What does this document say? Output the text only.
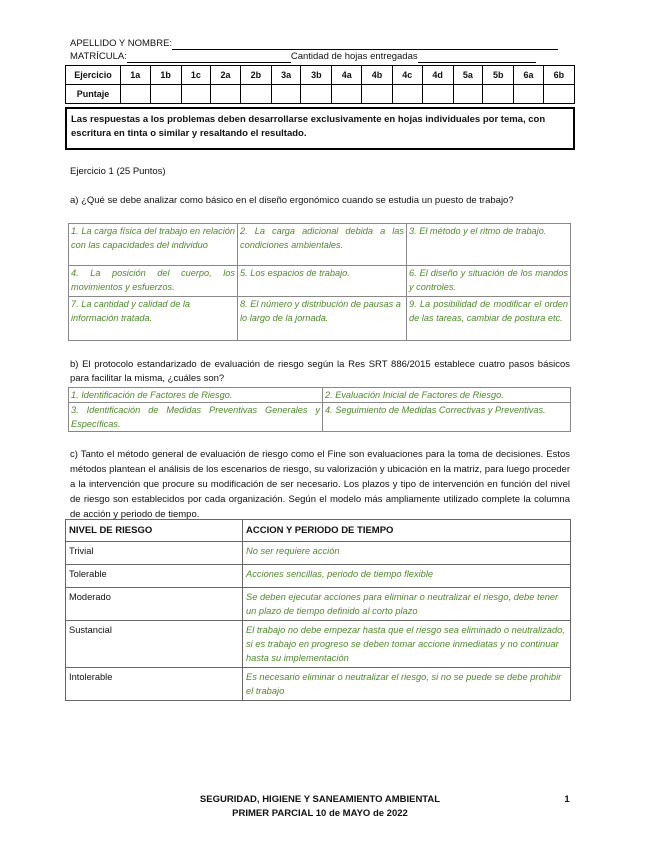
APELLIDO Y NOMBRE:
MATRÍCULA:	Cantidad de hojas entregadas
Ejercicio	1a	1b	1c	2a	2b	3a	3b	4a	4b	4c	4d	5a	5b	6a	6b
Puntaje															
Las respuestas a los problemas deben desarrollarse exclusivamente en hojas individuales por tema, con escritura en tinta o similar y resaltando el resultado.
Ejercicio 1 (25 Puntos)
a) ¿Qué se debe analizar como básico en el diseño ergonómico cuando se estudia un puesto de trabajo?
1. La carga física del trabajo en relación con las capacidades del individuo	2. La carga adicional debida a las condiciones ambientales.	3. El método y el ritmo de trabajo.
4. La posición del cuerpo, los movimientos y esfuerzos.	5. Los espacios de trabajo.	6. El diseño y situación de los mandos y controles.
7. La cantidad y calidad de la información tratada.	8. El número y distribución de pausas a lo largo de la jornada.	9. La posibilidad de modificar el orden de las tareas, cambiar de postura etc.
b) El protocolo estandarizado de evaluación de riesgo según la Res SRT 886/2015 establece cuatro pasos básicos para facilitar la misma, ¿cuáles son?
1. Identificación de Factores de Riesgo.	2. Evaluación Inicial de Factores de Riesgo.
3. Identificación de Medidas Preventivas Generales y Específicas.	4. Seguimiento de Medidas Correctivas y Preventivas.
c) Tanto el método general de evaluación de riesgo como el Fine son evaluaciones para la toma de decisiones. Estos métodos plantean el análisis de los escenarios de riesgo, su valorización y ubicación en la matriz, para luego proceder a la intervención que procure su modificación de ser necesario. Los plazos y tipo de intervención en función del nivel de riesgo son establecidos por cada organización. Según el modelo más ampliamente utilizado complete la columna de acción y periodo de tiempo.
NIVEL DE RIESGO	ACCION Y PERIODO DE TIEMPO
Trivial	No ser requiere acción
Tolerable	Acciones sencillas, periodo de tiempo flexible
Moderado	Se deben ejecutar acciones para eliminar o neutralizar el riesgo, debe tener un plazo de tiempo definido al corto plazo
Sustancial	El trabajo no debe empezar hasta que el riesgo sea eliminado o neutralizado, si es trabajo en progreso se deben tomar accione inmediatas y no continuar hasta su implementación
Intolerable	Es necesario eliminar o neutralizar el riesgo, si no se puede se debe prohibir el trabajo
SEGURIDAD, HIGIENE Y SANEAMIENTO AMBIENTAL
PRIMER PARCIAL 10 de MAYO de 2022
1
